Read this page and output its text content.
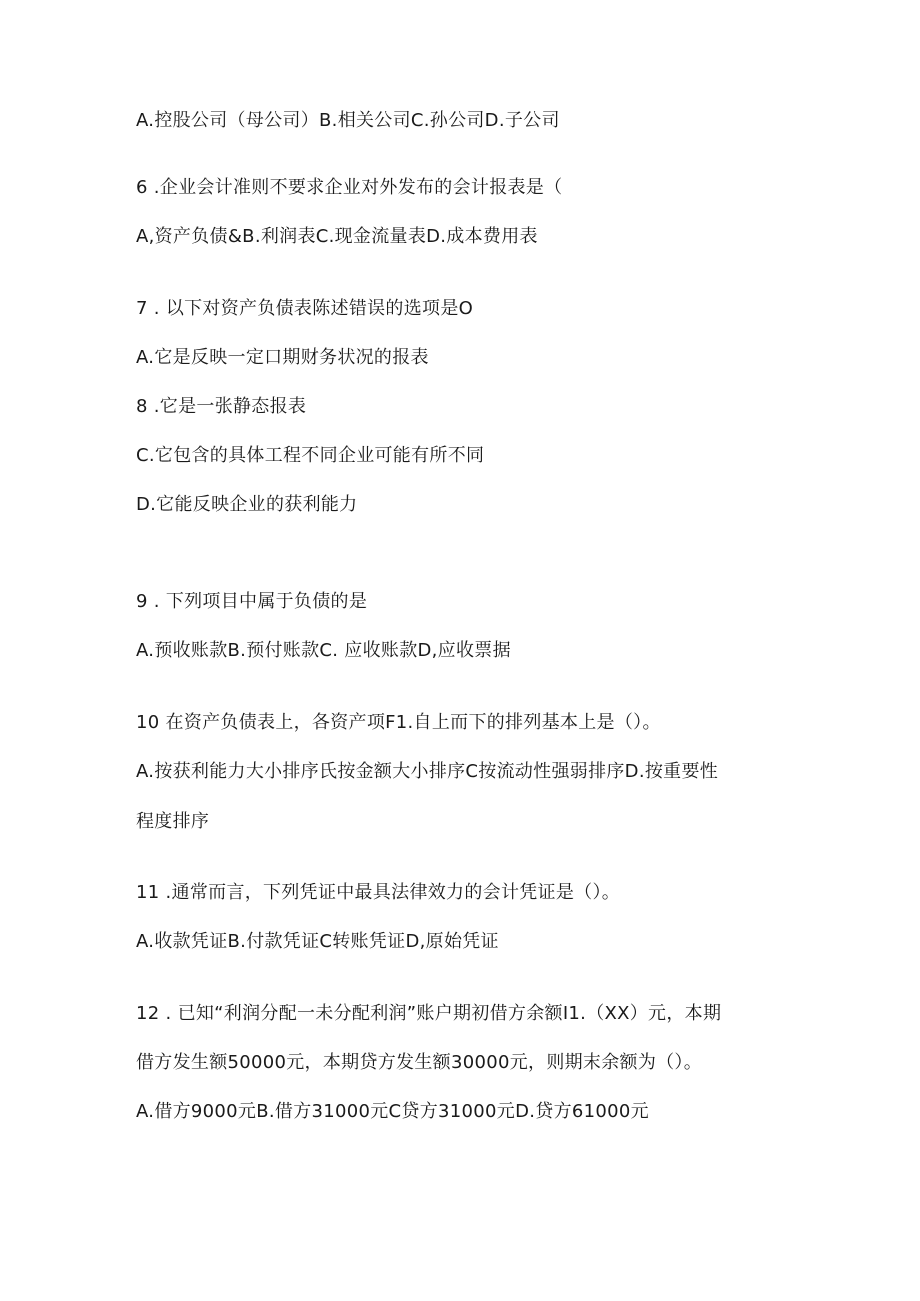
A.控股公司（母公司）B.相关公司C.孙公司D.子公司
6 .企业会计准则不要求企业对外发布的会计报表是（
A,资产负债&B.利润表C.现金流量表D.成本费用表
7 . 以下对资产负债表陈述错误的选项是O
A.它是反映一定口期财务状况的报表
8 .它是一张静态报表
C.它包含的具体工程不同企业可能有所不同
D.它能反映企业的获利能力
9 . 下列项目中属于负债的是
A.预收账款B.预付账款C. 应收账款D,应收票据
10 在资产负债表上，各资产项F1.自上而下的排列基本上是（）。
A.按获利能力大小排序氏按金额大小排序C按流动性强弱排序D.按重要性
程度排序
11 .通常而言，下列凭证中最具法律效力的会计凭证是（）。
A.收款凭证B.付款凭证C转账凭证D,原始凭证
12 . 已知“利润分配一未分配利润”账户期初借方余额I1.（XX）元，本期
借方发生额50000元，本期贷方发生额30000元，则期末余额为（）。
A.借方9000元B.借方31000元C贷方31000元D.贷方61000元
